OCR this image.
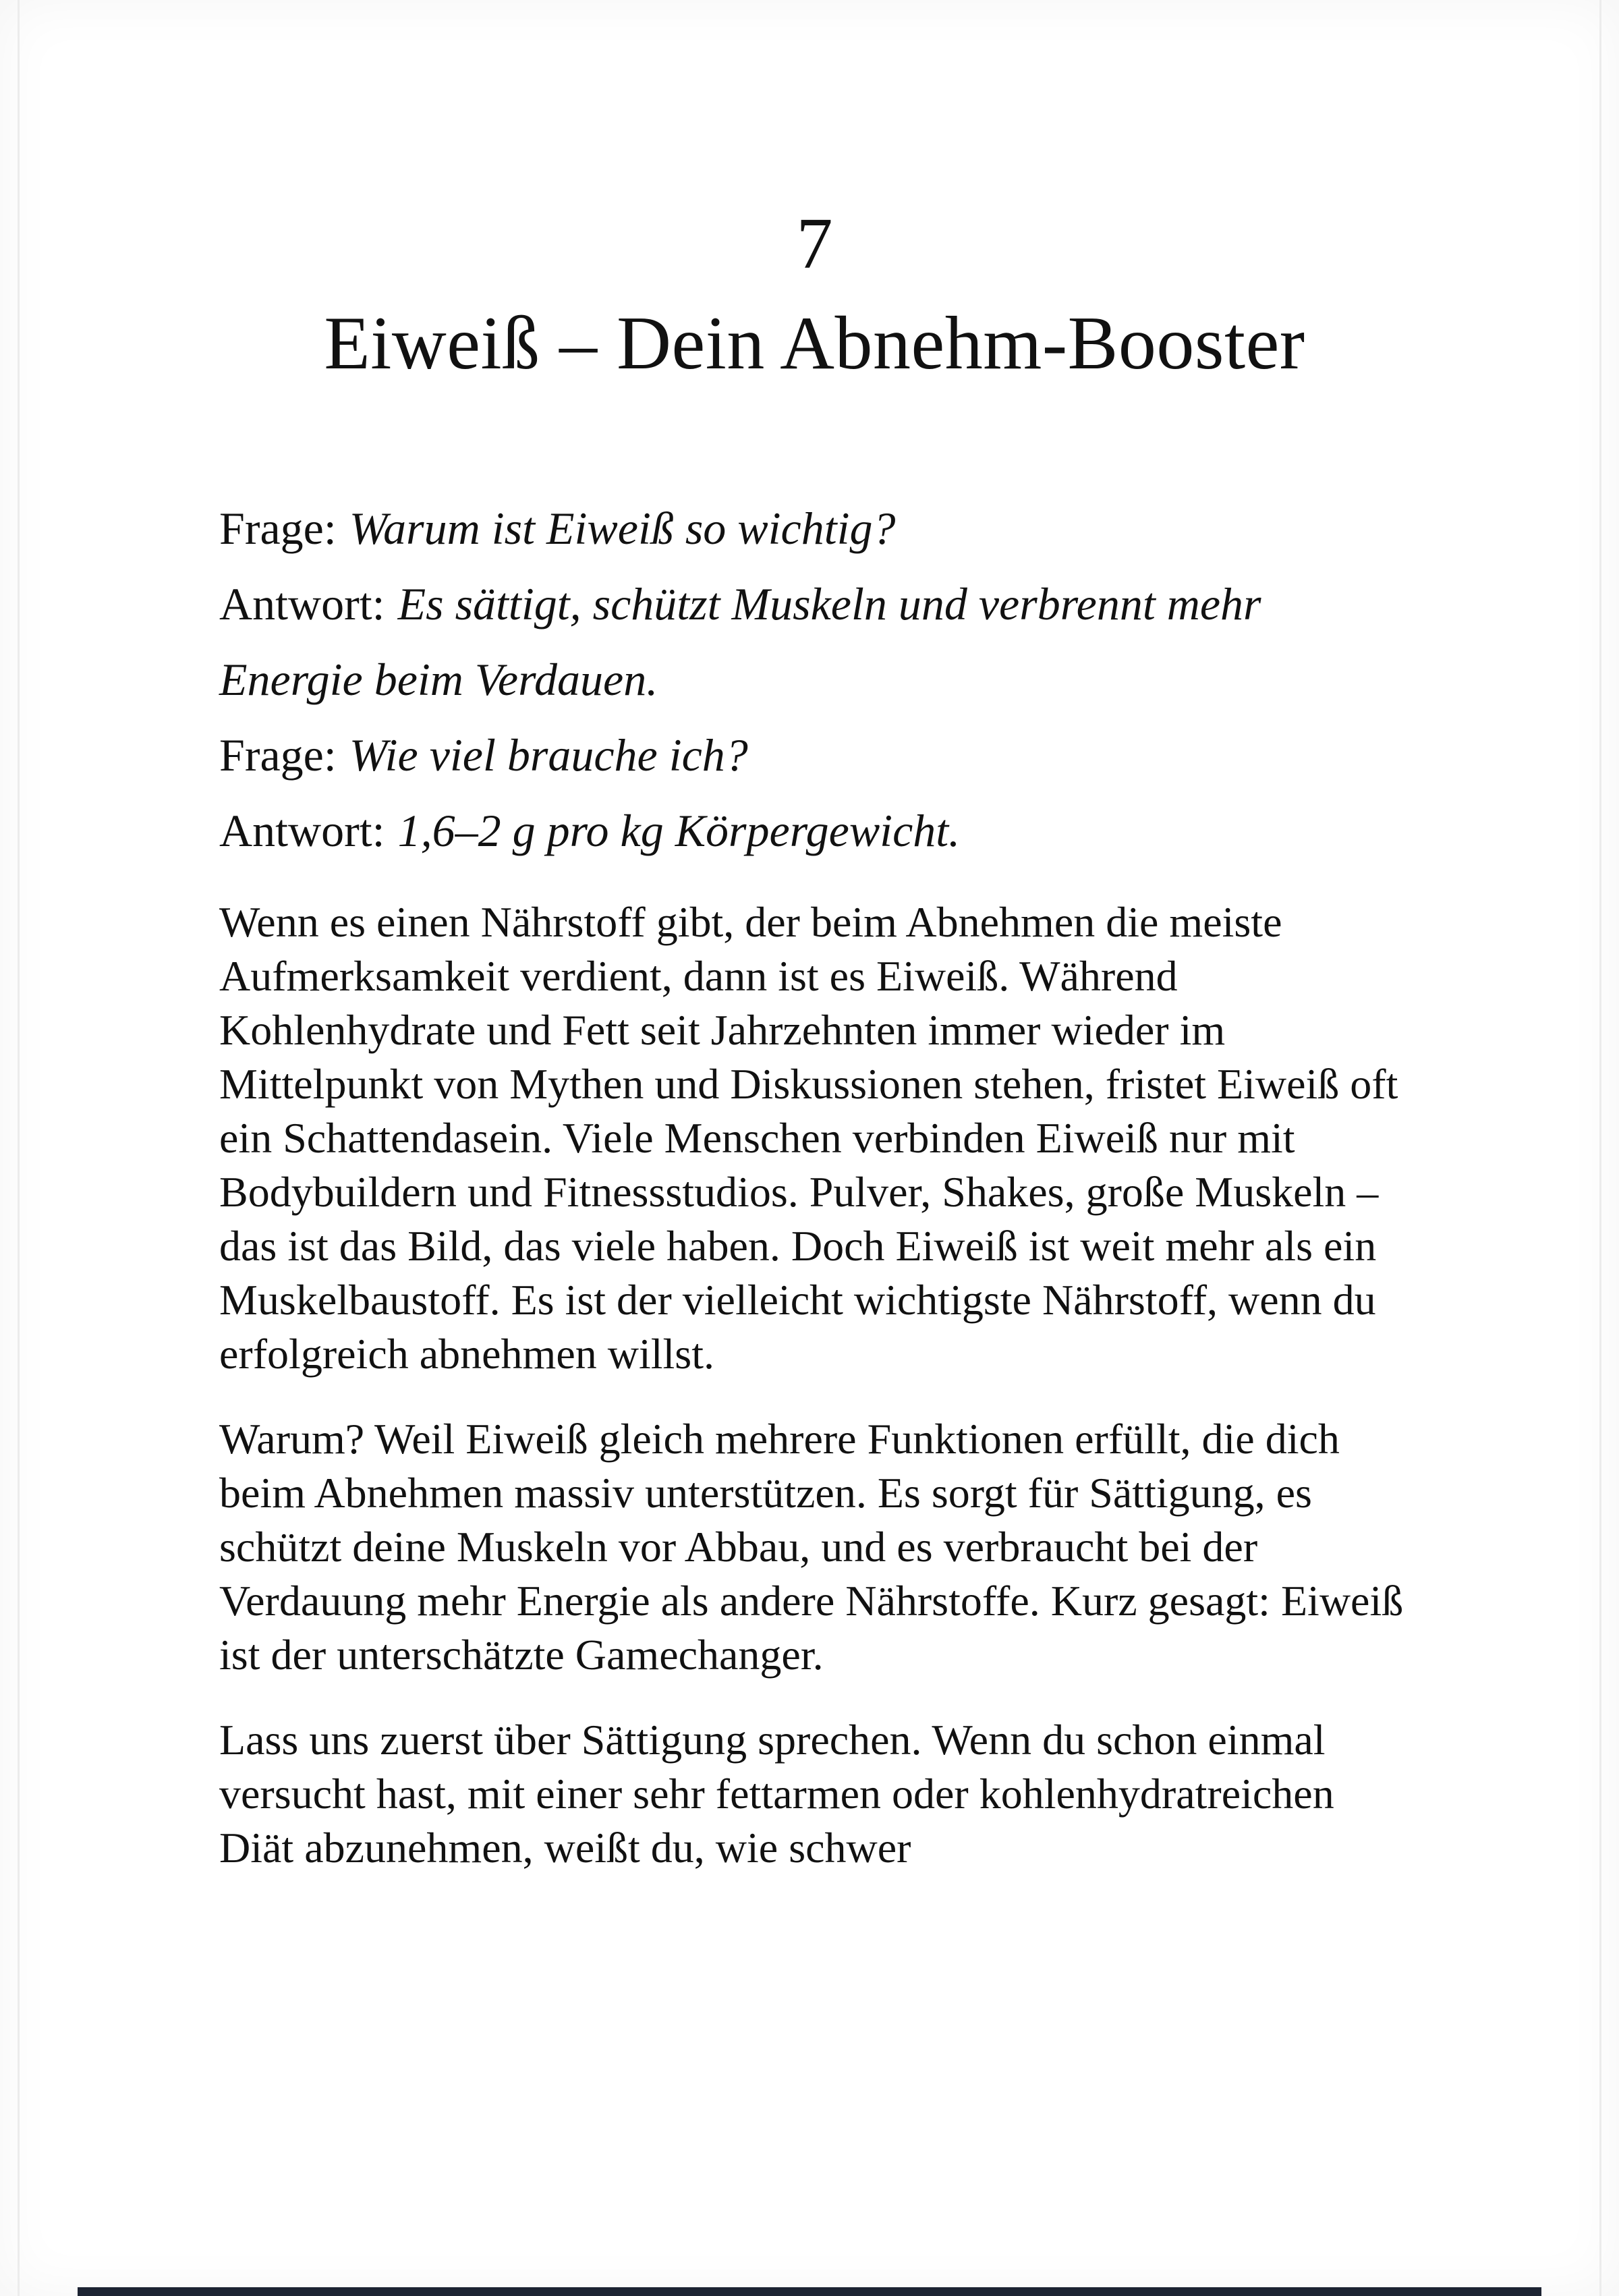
7
Eiweiß – Dein Abnehm-Booster

Frage: Warum ist Eiweiß so wichtig?

Antwort: Es sättigt, schützt Muskeln und verbrennt mehr Energie beim Verdauen.

Frage: Wie viel brauche ich?

Antwort: 1,6–2 g pro kg Körpergewicht.

Wenn es einen Nährstoff gibt, der beim Abnehmen die meiste Aufmerksamkeit verdient, dann ist es Eiweiß. Während Kohlenhydrate und Fett seit Jahrzehnten immer wieder im Mittelpunkt von Mythen und Diskussionen stehen, fristet Eiweiß oft ein Schattendasein. Viele Menschen verbinden Eiweiß nur mit Bodybuildern und Fitnessstudios. Pulver, Shakes, große Muskeln – das ist das Bild, das viele haben. Doch Eiweiß ist weit mehr als ein Muskelbaustoff. Es ist der vielleicht wichtigste Nährstoff, wenn du erfolgreich abnehmen willst.

Warum? Weil Eiweiß gleich mehrere Funktionen erfüllt, die dich beim Abnehmen massiv unterstützen. Es sorgt für Sättigung, es schützt deine Muskeln vor Abbau, und es verbraucht bei der Verdauung mehr Energie als andere Nährstoffe. Kurz gesagt: Eiweiß ist der unterschätzte Gamechanger.

Lass uns zuerst über Sättigung sprechen. Wenn du schon einmal versucht hast, mit einer sehr fettarmen oder kohlenhydratreichen Diät abzunehmen, weißt du, wie schwer
